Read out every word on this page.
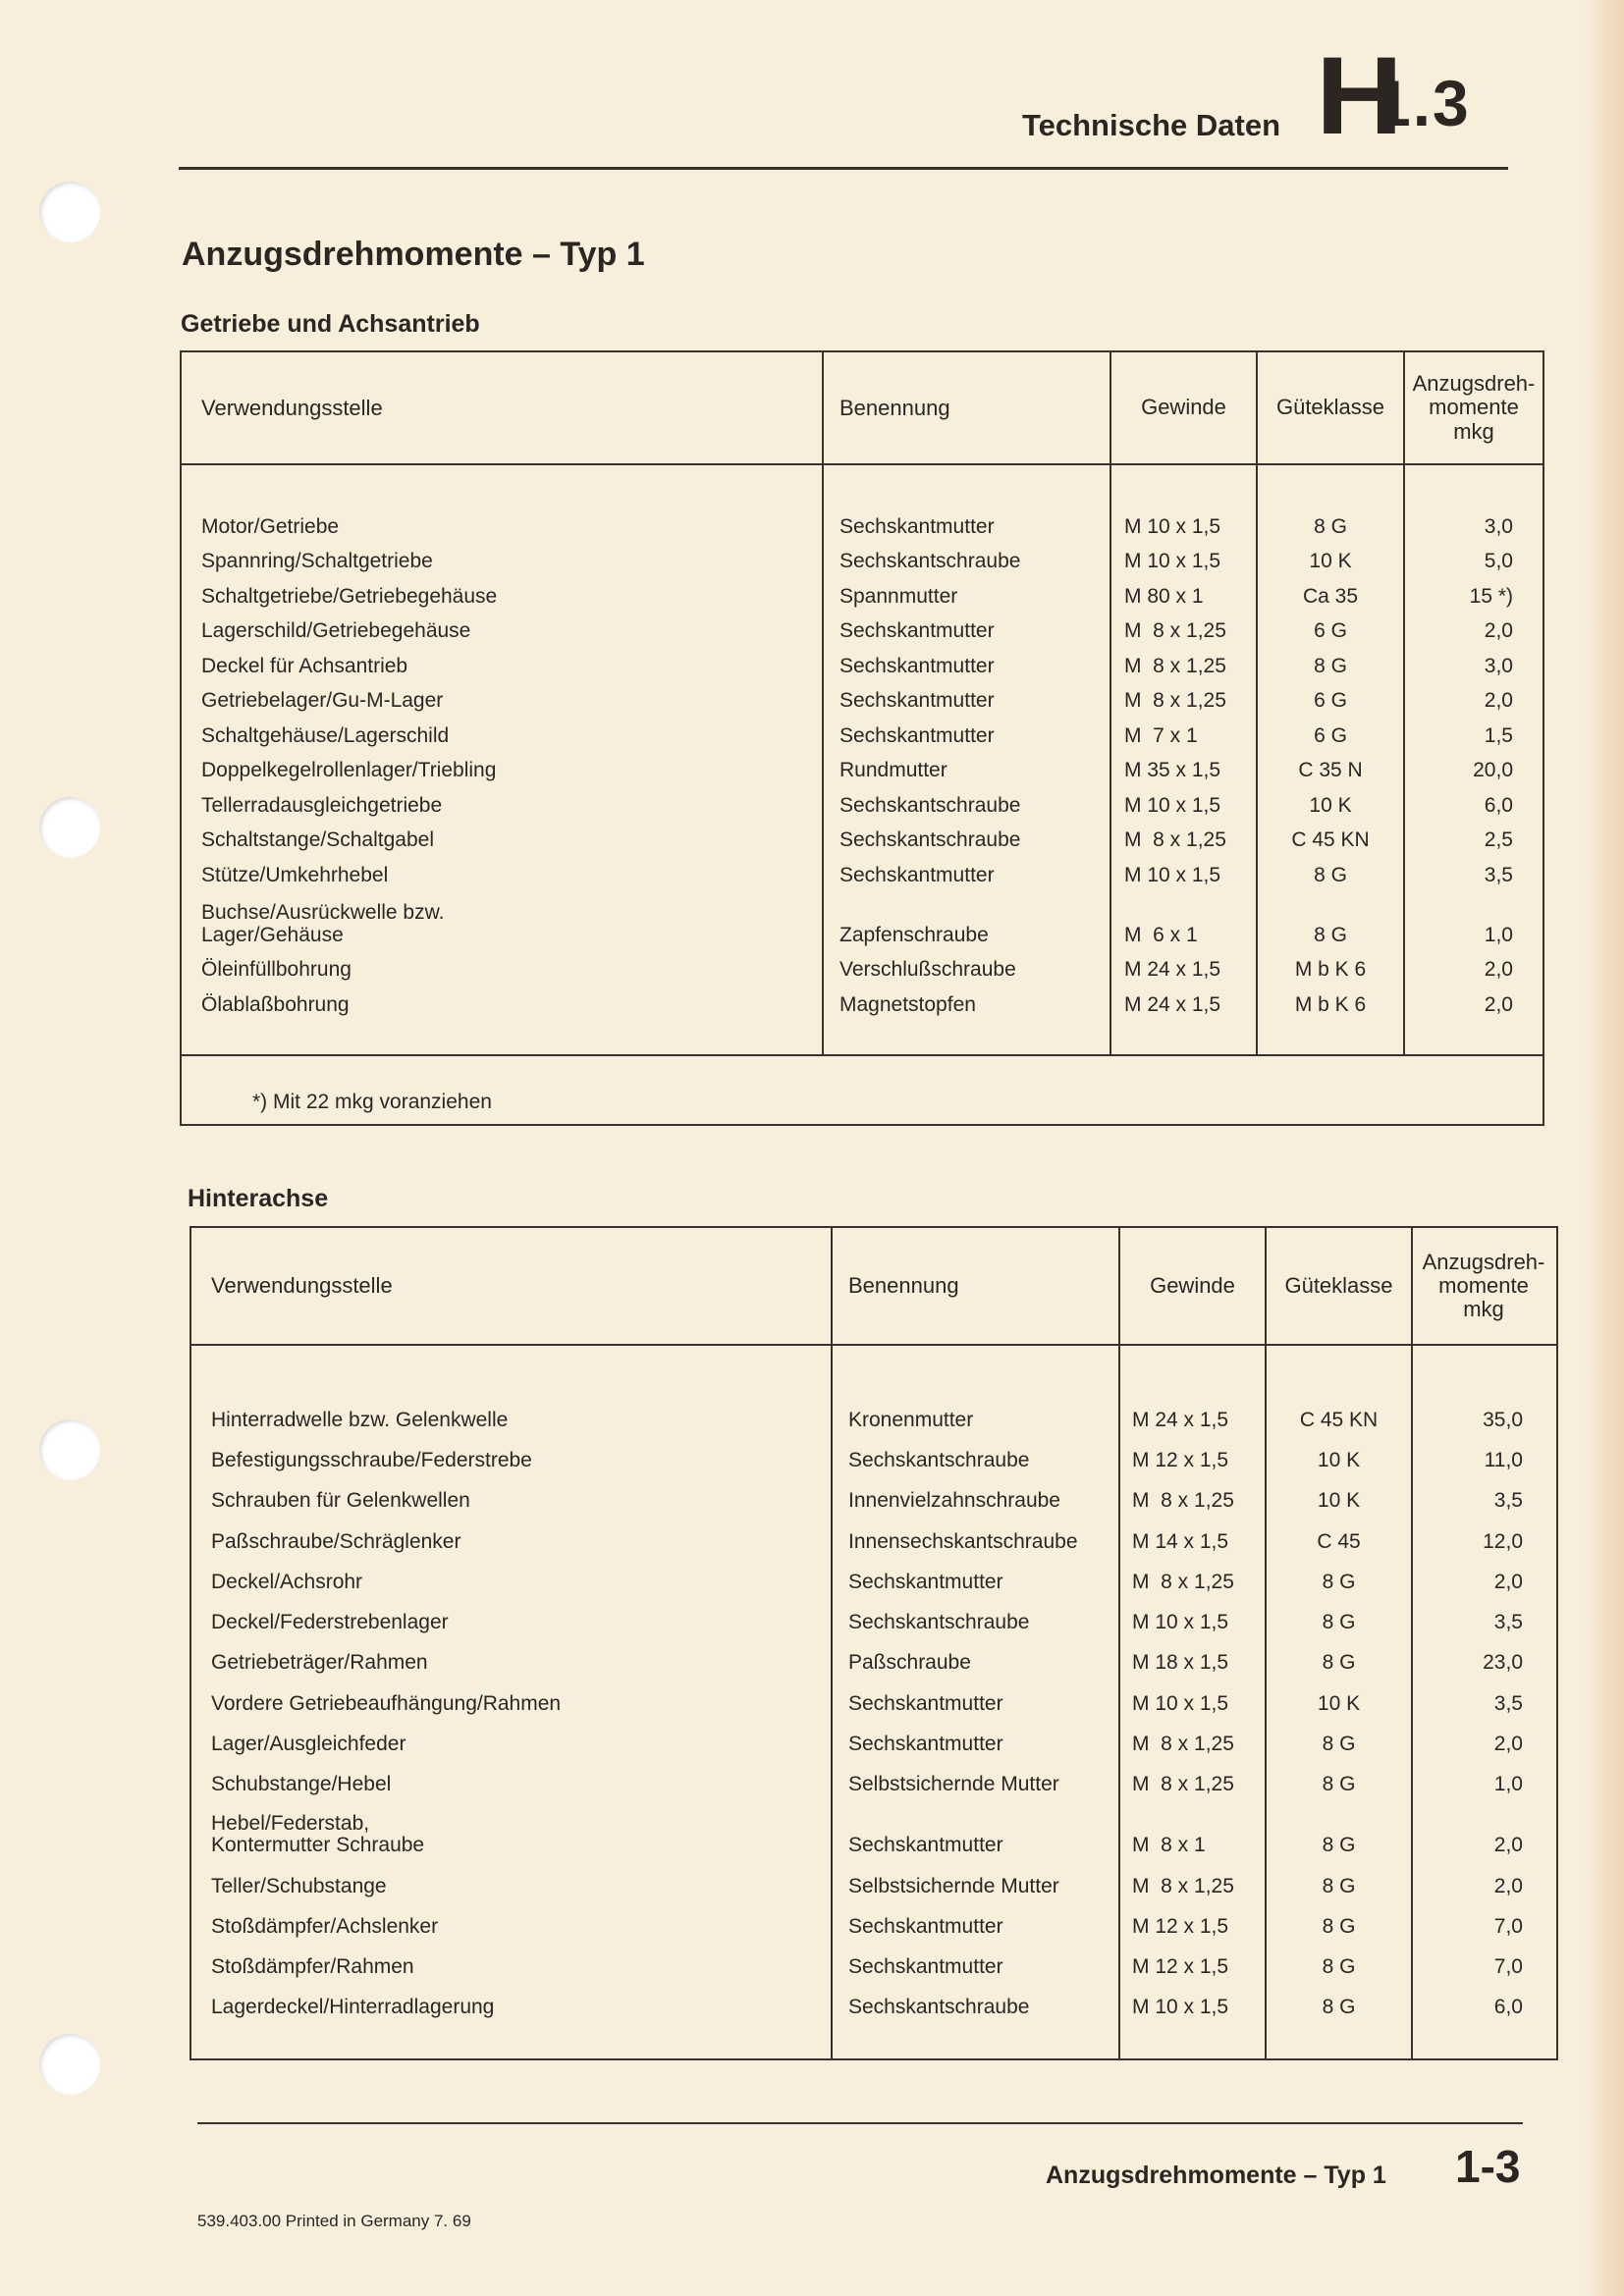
Technische Daten H
1.3
Anzugsdrehmomente – Typ 1
Getriebe und Achsantrieb
Verwendungsstelle	Benennung	Gewinde	Güteklasse
Anzugsdreh-
momente
mkg
Motor/Getriebe	Sechskantmutter	M 10 x 1,5	8 G	3,0
Spannring/Schaltgetriebe	Sechskantschraube	M 10 x 1,5	10 K	5,0
Schaltgetriebe/Getriebegehäuse	Spannmutter	M 80 x 1	Ca 35	15 *)
Lagerschild/Getriebegehäuse	Sechskantmutter	M  8 x 1,25	6 G	2,0
Deckel für Achsantrieb	Sechskantmutter	M  8 x 1,25	8 G	3,0
Getriebelager/Gu-M-Lager	Sechskantmutter	M  8 x 1,25	6 G	2,0
Schaltgehäuse/Lagerschild	Sechskantmutter	M  7 x 1	6 G	1,5
Doppelkegelrollenlager/Triebling	Rundmutter	M 35 x 1,5	C 35 N	20,0
Tellerradausgleichgetriebe	Sechskantschraube	M 10 x 1,5	10 K	6,0
Schaltstange/Schaltgabel	Sechskantschraube	M  8 x 1,25	C 45 KN	2,5
Stütze/Umkehrhebel	Sechskantmutter	M 10 x 1,5	8 G	3,5
Buchse/Ausrückwelle bzw.
Lager/Gehäuse	Zapfenschraube	M  6 x 1	8 G	1,0
Öleinfüllbohrung	Verschlußschraube	M 24 x 1,5	M b K 6	2,0
Ölablaßbohrung	Magnetstopfen	M 24 x 1,5	M b K 6	2,0
*) Mit 22 mkg voranziehen
Hinterachse
Verwendungsstelle	Benennung	Gewinde	Güteklasse
Anzugsdreh-
momente
mkg
Hinterradwelle bzw. Gelenkwelle	Kronenmutter	M 24 x 1,5	C 45 KN	35,0
Befestigungsschraube/Federstrebe	Sechskantschraube	M 12 x 1,5	10 K	11,0
Schrauben für Gelenkwellen	Innenvielzahnschraube	M  8 x 1,25	10 K	3,5
Paßschraube/Schräglenker	Innensechskantschraube	M 14 x 1,5	C 45	12,0
Deckel/Achsrohr	Sechskantmutter	M  8 x 1,25	8 G	2,0
Deckel/Federstrebenlager	Sechskantschraube	M 10 x 1,5	8 G	3,5
Getriebeträger/Rahmen	Paßschraube	M 18 x 1,5	8 G	23,0
Vordere Getriebeaufhängung/Rahmen	Sechskantmutter	M 10 x 1,5	10 K	3,5
Lager/Ausgleichfeder	Sechskantmutter	M  8 x 1,25	8 G	2,0
Schubstange/Hebel	Selbstsichernde Mutter	M  8 x 1,25	8 G	1,0
Hebel/Federstab,
Kontermutter Schraube	Sechskantmutter	M  8 x 1	8 G	2,0
Teller/Schubstange	Selbstsichernde Mutter	M  8 x 1,25	8 G	2,0
Stoßdämpfer/Achslenker	Sechskantmutter	M 12 x 1,5	8 G	7,0
Stoßdämpfer/Rahmen	Sechskantmutter	M 12 x 1,5	8 G	7,0
Lagerdeckel/Hinterradlagerung	Sechskantschraube	M 10 x 1,5	8 G	6,0
Anzugsdrehmomente – Typ 1 1-3
539.403.00 Printed in Germany 7. 69
